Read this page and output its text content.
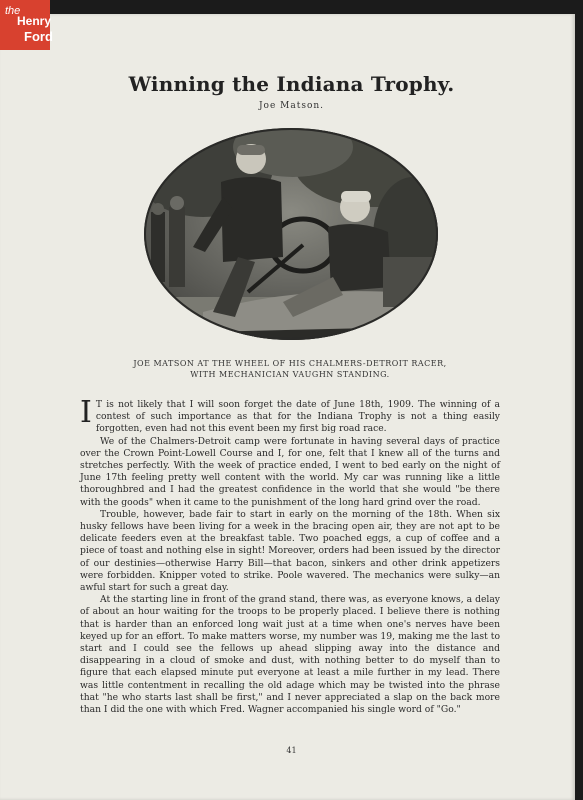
the
Henry
Ford
Winning the Indiana Trophy.
Joe Matson.
JOE MATSON AT THE WHEEL OF HIS CHALMERS-DETROIT RACER,
WITH MECHANICIAN VAUGHN STANDING.

I T is not likely that I will soon forget the date of June 18th, 1909. The winning of a contest of such importance as that for the Indiana Trophy is not a thing easily forgotten, even had not this event been my first big road race.

We of the Chalmers-Detroit camp were fortunate in having several days of practice over the Crown Point-Lowell Course and I, for one, felt that I knew all of the turns and stretches perfectly. With the week of practice ended, I went to bed early on the night of June 17th feeling pretty well content with the world. My car was running like a little thoroughbred and I had the greatest confidence in the world that she would "be there with the goods" when it came to the punishment of the long hard grind over the road.

Trouble, however, bade fair to start in early on the morning of the 18th. When six husky fellows have been living for a week in the bracing open air, they are not apt to be delicate feeders even at the breakfast table. Two poached eggs, a cup of coffee and a piece of toast and nothing else in sight! Moreover, orders had been issued by the director of our destinies—otherwise Harry Bill—that bacon, sinkers and other drink appetizers were forbidden. Knipper voted to strike. Poole wavered. The mechanics were sulky—an awful start for such a great day.

At the starting line in front of the grand stand, there was, as everyone knows, a delay of about an hour waiting for the troops to be properly placed. I believe there is nothing that is harder than an enforced long wait just at a time when one's nerves have been keyed up for an effort. To make matters worse, my number was 19, making me the last to start and I could see the fellows up ahead slipping away into the distance and disappearing in a cloud of smoke and dust, with nothing better to do myself than to figure that each elapsed minute put everyone at least a mile further in my lead. There was little contentment in recalling the old adage which may be twisted into the phrase that "he who starts last shall be first," and I never appreciated a slap on the back more than I did the one with which Fred. Wagner accompanied his single word of "Go."

41
